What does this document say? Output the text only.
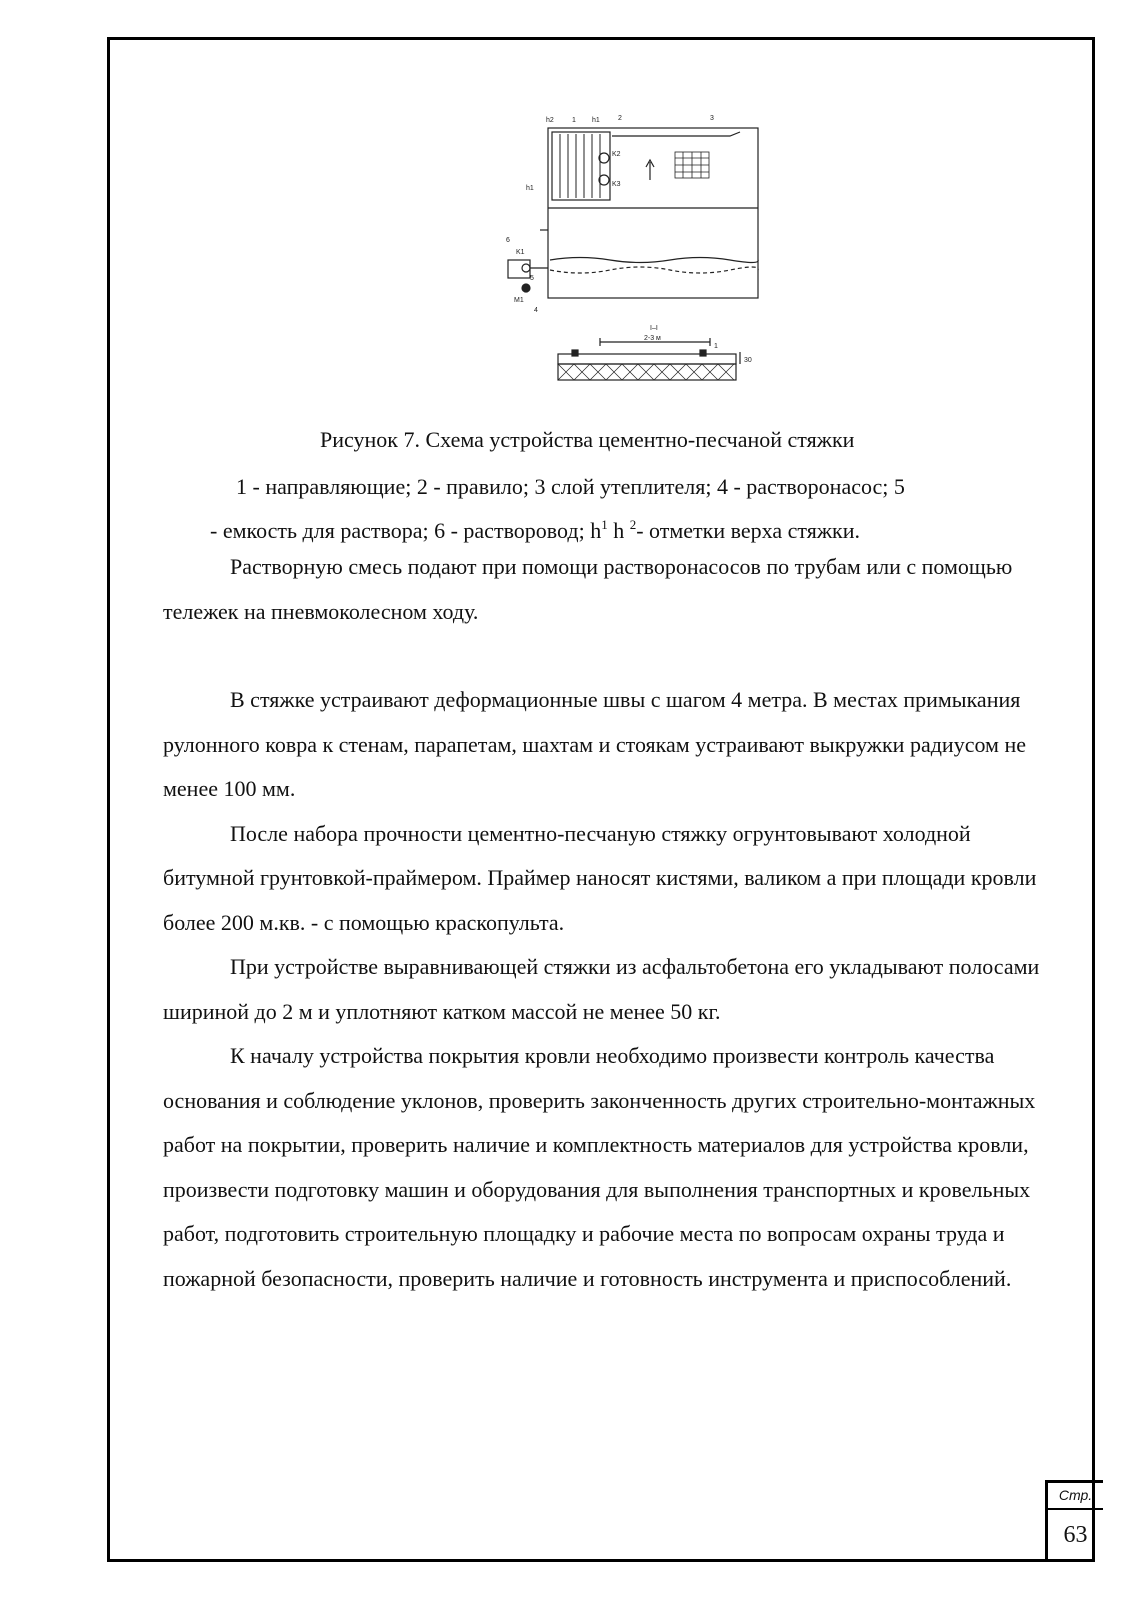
h2	1 h1	2	3
K2
K3
h1
6
K1
5
M1
4
I–I
2-3 м
1
30
Рисунок 7. Схема устройства цементно-песчаной стяжки
1 - направляющие; 2 - правило; 3 слой утеплителя; 4 - растворонасос; 5
- емкость для раствора; 6 - растворовод; $h^1$ h $^2$- отметки верха стяжки.

Растворную смесь подают при помощи растворонасосов по трубам или с помощью тележек на пневмоколесном ходу.

В стяжке устраивают деформационные швы с шагом 4 метра. В местах примыкания рулонного ковра к стенам, парапетам, шахтам и стоякам устраивают выкружки радиусом не менее 100 мм.

После набора прочности цементно-песчаную стяжку огрунтовывают холодной битумной грунтовкой-праймером. Праймер наносят кистями, валиком а при площади кровли более 200 м.кв. - с помощью краскопульта.

При устройстве выравнивающей стяжки из асфальтобетона его укладывают полосами шириной до 2 м и уплотняют катком массой не менее 50 кг.

К началу устройства покрытия кровли необходимо произвести контроль качества основания и соблюдение уклонов, проверить законченность других строительно-монтажных работ на покрытии, проверить наличие и комплектность материалов для устройства кровли, произвести подготовку машин и оборудования для выполнения транспортных и кровельных работ, подготовить строительную площадку и рабочие места по вопросам охраны труда и пожарной безопасности, проверить наличие и готовность инструмента и приспособлений.

Стр.
63
